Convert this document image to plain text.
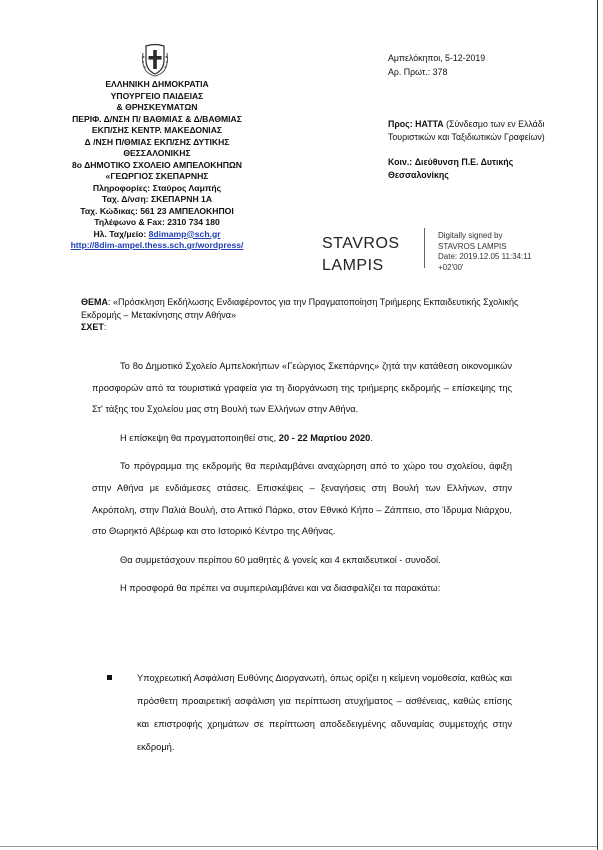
ΕΛΛΗΝΙΚΗ ΔΗΜΟΚΡΑΤΙΑ
ΥΠΟΥΡΓΕΙΟ ΠΑΙΔΕΙΑΣ
& ΘΡΗΣΚΕΥΜΑΤΩΝ
ΠΕΡΙΦ. Δ/ΝΣΗ Π/ ΒΑΘΜΙΑΣ & Δ/ΒΑΘΜΙΑΣ
ΕΚΠ/ΣΗΣ ΚΕΝΤΡ. ΜΑΚΕΔΟΝΙΑΣ
Δ /ΝΣΗ Π/ΘΜΙΑΣ ΕΚΠ/ΣΗΣ ΔΥΤΙΚΗΣ
ΘΕΣΣΑΛΟΝΙΚΗΣ
8ο ΔΗΜΟΤΙΚΟ ΣΧΟΛΕΙΟ ΑΜΠΕΛΟΚΗΠΩΝ
«ΓΕΩΡΓΙΟΣ ΣΚΕΠΑΡΝΗΣ
Πληροφορίες: Σταύρος Λαμπής
Ταχ. Δ/νση: ΣΚΕΠΑΡΝΗ 1Α
Ταχ. Κώδικας: 561 23 ΑΜΠΕΛΟΚΗΠΟΙ
Τηλέφωνο & Fax: 2310 734 180
Ηλ. Ταχ/μείο: 8dimamp@sch.gr
http://8dim-ampel.thess.sch.gr/wordpress/
Αμπελόκηποι, 5-12-2019
Αρ. Πρωτ.: 378
Προς: HATTA (Σύνδεσμο των εν Ελλάδι Τουριστικών και Ταξιδιωτικών Γραφείων)
Κοιν.: Διεύθυνση Π.Ε. Δυτικής Θεσσαλονίκης
STAVROS
LAMPIS
Digitally signed by
STAVROS LAMPIS
Date: 2019.12.05 11:34:11
+02'00'
ΘΕΜΑ: «Πρόσκληση Εκδήλωσης Ενδιαφέροντος για την Πραγματοποίηση Τριήμερης Εκπαιδευτικής Σχολικής Εκδρομής – Μετακίνησης στην Αθήνα»
ΣΧΕΤ:

Το 8ο Δημοτικό Σχολείο Αμπελοκήπων «Γεώργιος Σκεπάρνης» ζητά την κατάθεση οικονομικών προσφορών από τα τουριστικά γραφεία για τη διοργάνωση της τριήμερης εκδρομής – επίσκεψης της Στ' τάξης του Σχολείου μας στη Βουλή των Ελλήνων στην Αθήνα.

Η επίσκεψη θα πραγματοποιηθεί στις, 20 - 22 Μαρτίου 2020.

Το πρόγραμμα της εκδρομής θα περιλαμβάνει αναχώρηση από το χώρο του σχολείου, άφιξη στην Αθήνα με ενδιάμεσες στάσεις. Επισκέψεις – ξεναγήσεις στη Βουλή των Ελλήνων, στην Ακρόπολη, στην Παλιά Βουλή, στο Αττικό Πάρκο, στον Εθνικό Κήπο – Ζάππειο, στο Ίδρυμα Νιάρχου, στο Θωρηκτό Αβέρωφ και στο Ιστορικό Κέντρο της Αθήνας.

Θα συμμετάσχουν περίπου 60 μαθητές & γονείς και 4 εκπαιδευτικοί - συνοδοί.

Η προσφορά θα πρέπει να συμπεριλαμβάνει και να διασφαλίζει τα παρακάτω:

Υποχρεωτική Ασφάλιση Ευθύνης Διοργανωτή, όπως ορίζει η κείμενη νομοθεσία, καθώς και πρόσθετη προαιρετική ασφάλιση για περίπτωση ατυχήματος – ασθένειας, καθώς επίσης και επιστροφής χρημάτων σε περίπτωση αποδεδειγμένης αδυναμίας συμμετοχής στην εκδρομή.
